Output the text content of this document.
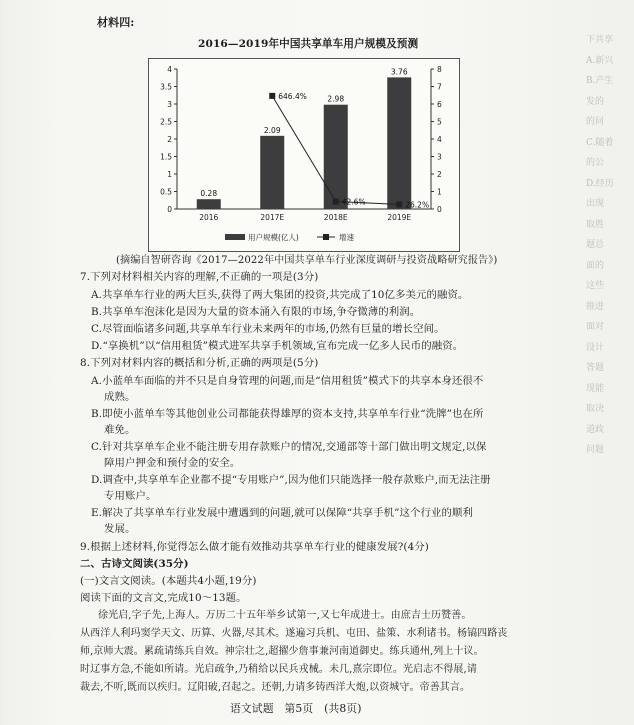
下共享
A.新兴
B.产生
发的
的问
C.随着
的公
D.经历
出现
取胜
题总
面的
这些
推进
面对
设计
答题
现能
取决
道政
问题
材料四:
2016—2019年中国共享单车用户规模及预测
0
0.5
1
1.5
2
2.5
3
3.5
4
0
1
2
3
4
5
6
7
8
0.28
2016
2.09
2017E
2.98
2018E
3.76
2019E
646.4%
42.6%	26.2%
用户规模(亿人)	增速
(摘编自智研咨询《2017—2022年中国共享单车行业深度调研与投资战略研究报告》)
7.下列对材料相关内容的理解,不正确的一项是(3分)
A.共享单车行业的两大巨头,获得了两大集团的投资,共完成了10亿多美元的融资。
B.共享单车泡沫化是因为大量的资本涌入有限的市场,争夺微薄的利润。
C.尽管面临诸多问题,共享单车行业未来两年的市场,仍然有巨量的增长空间。
D.“享换机”以“信用租赁”模式进军共享手机领域,宣布完成一亿多人民币的融资。
8.下列对材料内容的概括和分析,正确的两项是(5分)
A.小蓝单车面临的并不只是自身管理的问题,而是“信用租赁”模式下的共享本身还很不
成熟。
B.即使小蓝单车等其他创业公司都能获得雄厚的资本支持,共享单车行业“洗牌”也在所
难免。
C.针对共享单车企业不能注册专用存款账户的情况,交通部等十部门做出明文规定,以保
障用户押金和预付金的安全。
D.调查中,共享单车企业都不提“专用账户”,因为他们只能选择一般存款账户,而无法注册
专用账户。
E.解决了共享单车行业发展中遭遇到的问题,就可以保障“共享手机”这个行业的顺利
发展。
9.根据上述材料,你觉得怎么做才能有效推动共享单车行业的健康发展?(4分)
二、古诗文阅读(35分)
(一)文言文阅读。(本题共4小题,19分)
阅读下面的文言文,完成10～13题。
徐光启,字子先,上海人。万历二十五年举乡试第一,又七年成进士。由庶吉士历赞善。
从西洋人利玛窦学天文、历算、火器,尽其术。遂遍习兵机、屯田、盐策、水利诸书。杨镐四路丧
师,京师大震。累疏请练兵自效。神宗壮之,超擢少詹事兼河南道御史。练兵通州,列上十议。
时辽事方急,不能如所请。光启疏争,乃稍给以民兵戎械。未几,熹宗即位。光启志不得展,请
裁去,不听,既而以疾归。辽阳破,召起之。还朝,力请多铸西洋大炮,以资城守。帝善其言。
语文试题　第5页　(共8页)
